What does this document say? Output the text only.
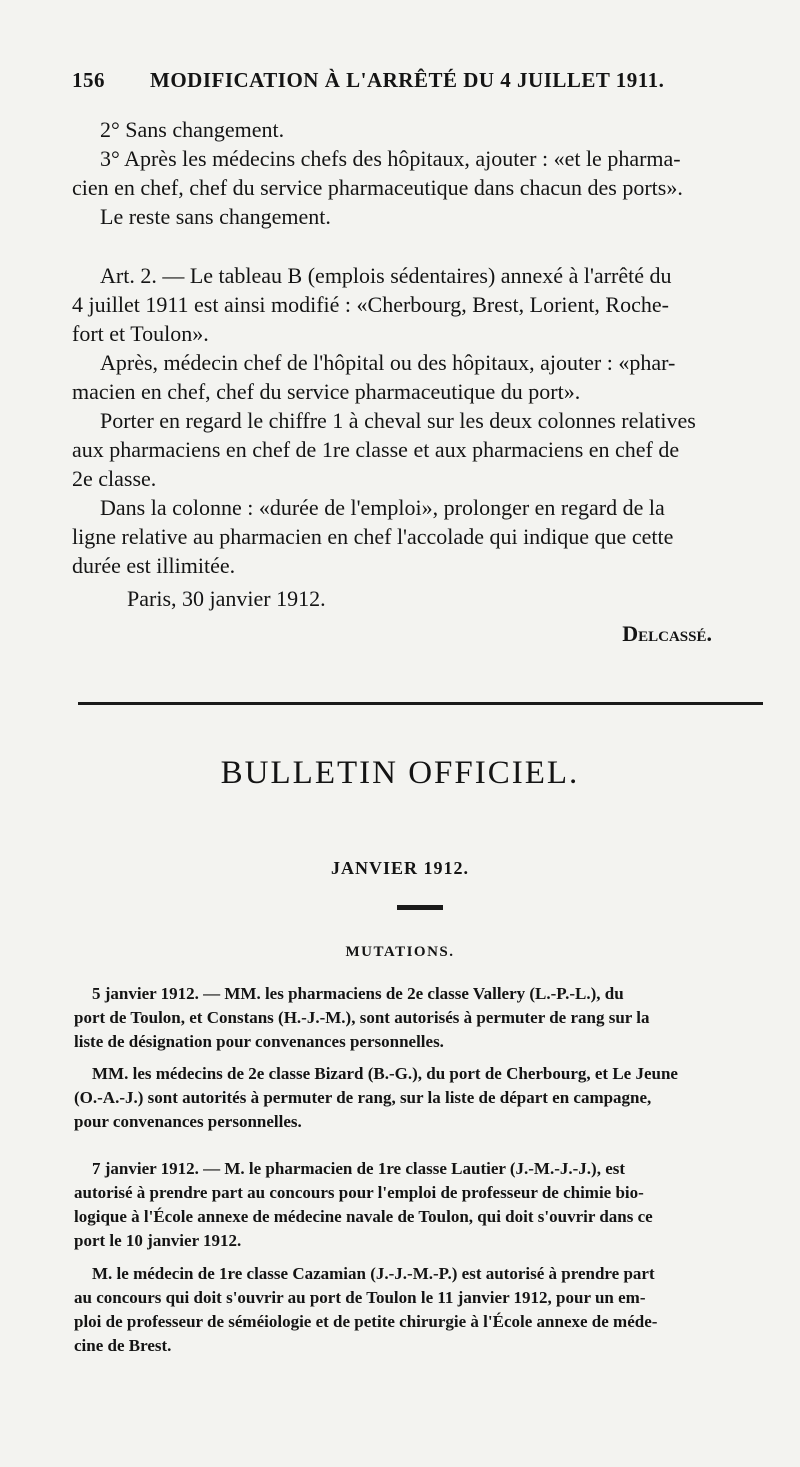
156 MODIFICATION À L'ARRÊTÉ DU 4 JUILLET 1911.
2° Sans changement.
3° Après les médecins chefs des hôpitaux, ajouter : «et le pharma-
cien en chef, chef du service pharmaceutique dans chacun des ports».
Le reste sans changement.
Art. 2. — Le tableau B (emplois sédentaires) annexé à l'arrêté du
4 juillet 1911 est ainsi modifié : «Cherbourg, Brest, Lorient, Roche-
fort et Toulon».
Après, médecin chef de l'hôpital ou des hôpitaux, ajouter : «phar-
macien en chef, chef du service pharmaceutique du port».
Porter en regard le chiffre 1 à cheval sur les deux colonnes relatives
aux pharmaciens en chef de 1re classe et aux pharmaciens en chef de
2e classe.
Dans la colonne : «durée de l'emploi», prolonger en regard de la
ligne relative au pharmacien en chef l'accolade qui indique que cette
durée est illimitée.
Paris, 30 janvier 1912.
Delcassé.
BULLETIN OFFICIEL.
JANVIER 1912.
MUTATIONS.
5 janvier 1912. — MM. les pharmaciens de 2e classe Vallery (L.-P.-L.), du
port de Toulon, et Constans (H.-J.-M.), sont autorisés à permuter de rang sur la
liste de désignation pour convenances personnelles.
MM. les médecins de 2e classe Bizard (B.-G.), du port de Cherbourg, et Le Jeune
(O.-A.-J.) sont autorités à permuter de rang, sur la liste de départ en campagne,
pour convenances personnelles.
7 janvier 1912. — M. le pharmacien de 1re classe Lautier (J.-M.-J.-J.), est
autorisé à prendre part au concours pour l'emploi de professeur de chimie bio-
logique à l'École annexe de médecine navale de Toulon, qui doit s'ouvrir dans ce
port le 10 janvier 1912.
M. le médecin de 1re classe Cazamian (J.-J.-M.-P.) est autorisé à prendre part
au concours qui doit s'ouvrir au port de Toulon le 11 janvier 1912, pour un em-
ploi de professeur de séméiologie et de petite chirurgie à l'École annexe de méde-
cine de Brest.
